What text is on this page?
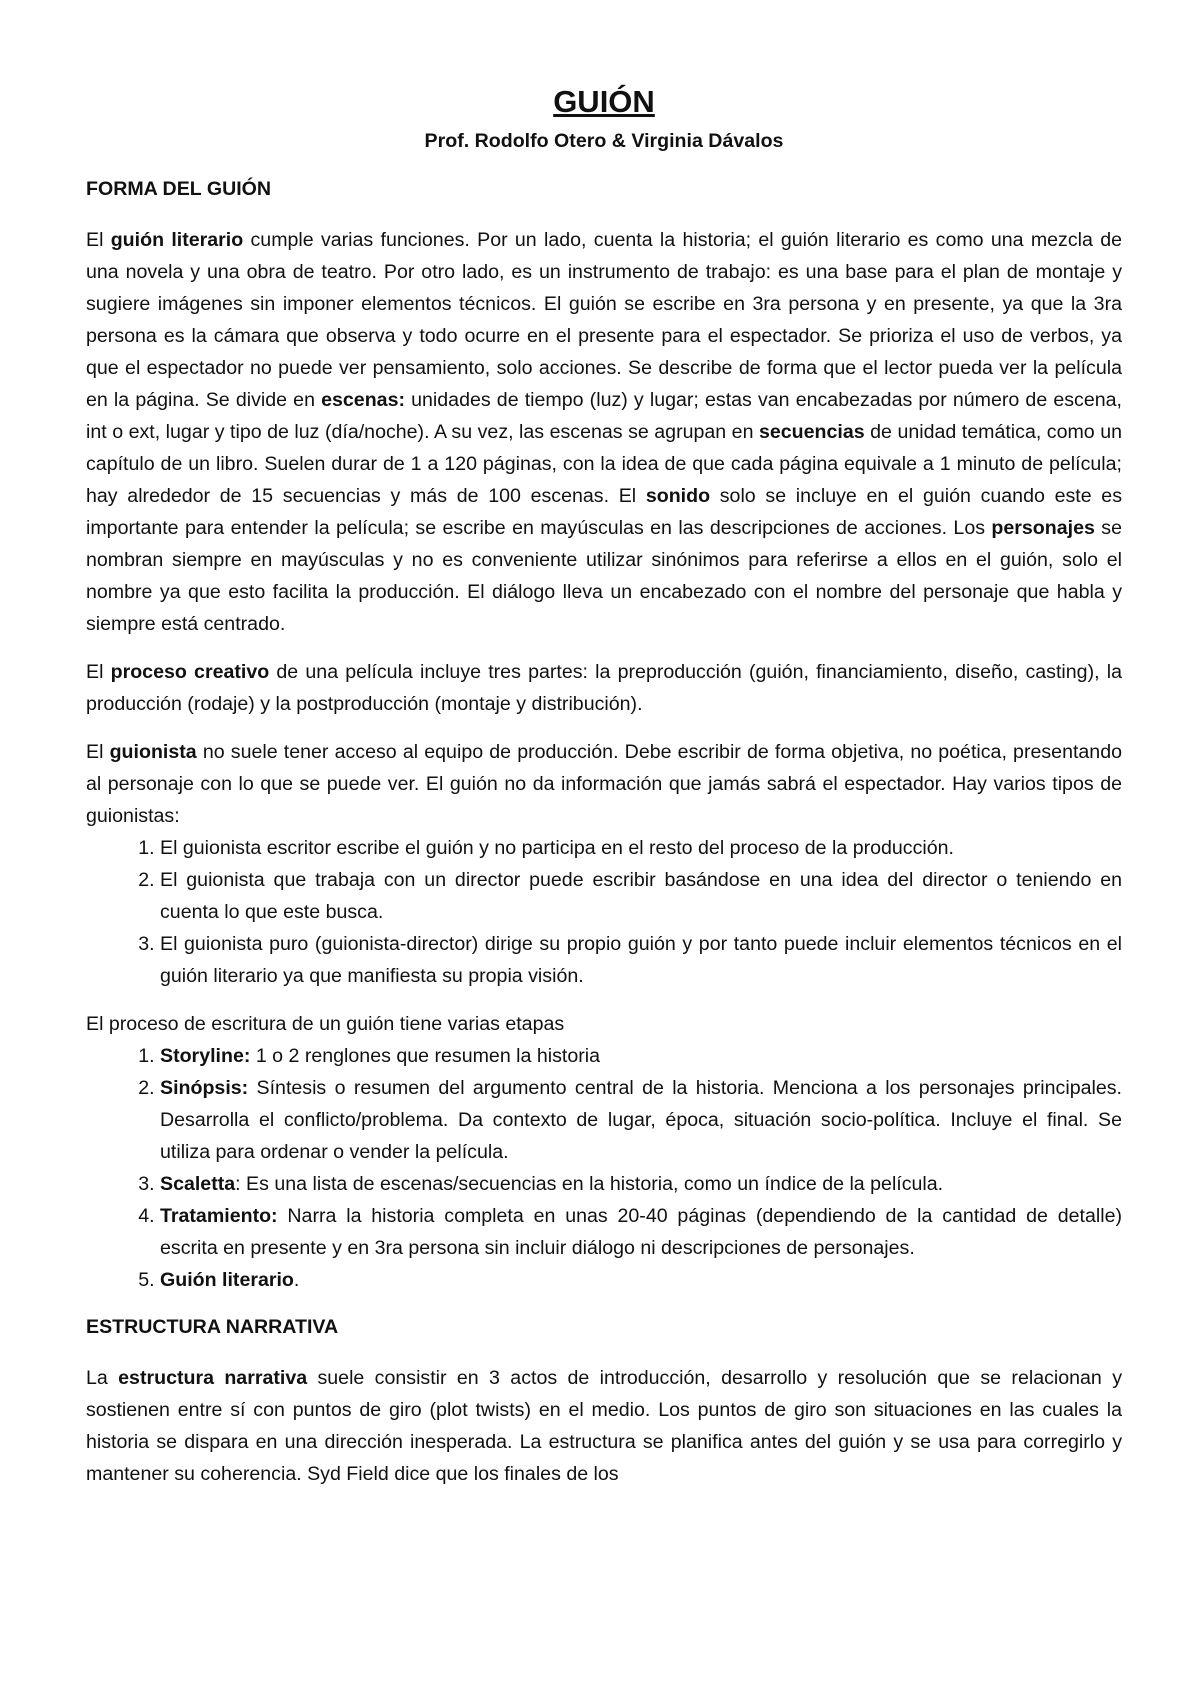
GUIÓN
Prof. Rodolfo Otero & Virginia Dávalos
FORMA DEL GUIÓN

El guión literario cumple varias funciones. Por un lado, cuenta la historia; el guión literario es como una mezcla de una novela y una obra de teatro. Por otro lado, es un instrumento de trabajo: es una base para el plan de montaje y sugiere imágenes sin imponer elementos técnicos. El guión se escribe en 3ra persona y en presente, ya que la 3ra persona es la cámara que observa y todo ocurre en el presente para el espectador. Se prioriza el uso de verbos, ya que el espectador no puede ver pensamiento, solo acciones. Se describe de forma que el lector pueda ver la película en la página. Se divide en escenas: unidades de tiempo (luz) y lugar; estas van encabezadas por número de escena, int o ext, lugar y tipo de luz (día/noche). A su vez, las escenas se agrupan en secuencias de unidad temática, como un capítulo de un libro. Suelen durar de 1 a 120 páginas, con la idea de que cada página equivale a 1 minuto de película; hay alrededor de 15 secuencias y más de 100 escenas. El sonido solo se incluye en el guión cuando este es importante para entender la película; se escribe en mayúsculas en las descripciones de acciones. Los personajes se nombran siempre en mayúsculas y no es conveniente utilizar sinónimos para referirse a ellos en el guión, solo el nombre ya que esto facilita la producción. El diálogo lleva un encabezado con el nombre del personaje que habla y siempre está centrado.

El proceso creativo de una película incluye tres partes: la preproducción (guión, financiamiento, diseño, casting), la producción (rodaje) y la postproducción (montaje y distribución).

El guionista no suele tener acceso al equipo de producción. Debe escribir de forma objetiva, no poética, presentando al personaje con lo que se puede ver. El guión no da información que jamás sabrá el espectador. Hay varios tipos de guionistas:

1. El guionista escritor escribe el guión y no participa en el resto del proceso de la producción.
2. El guionista que trabaja con un director puede escribir basándose en una idea del director o teniendo en cuenta lo que este busca.
3. El guionista puro (guionista-director) dirige su propio guión y por tanto puede incluir elementos técnicos en el guión literario ya que manifiesta su propia visión.

El proceso de escritura de un guión tiene varias etapas

1. Storyline: 1 o 2 renglones que resumen la historia
2. Sinópsis: Síntesis o resumen del argumento central de la historia. Menciona a los personajes principales. Desarrolla el conflicto/problema. Da contexto de lugar, época, situación socio-política. Incluye el final. Se utiliza para ordenar o vender la película.
3. Scaletta: Es una lista de escenas/secuencias en la historia, como un índice de la película.
4. Tratamiento: Narra la historia completa en unas 20-40 páginas (dependiendo de la cantidad de detalle) escrita en presente y en 3ra persona sin incluir diálogo ni descripciones de personajes.
5. Guión literario.
ESTRUCTURA NARRATIVA

La estructura narrativa suele consistir en 3 actos de introducción, desarrollo y resolución que se relacionan y sostienen entre sí con puntos de giro (plot twists) en el medio. Los puntos de giro son situaciones en las cuales la historia se dispara en una dirección inesperada. La estructura se planifica antes del guión y se usa para corregirlo y mantener su coherencia. Syd Field dice que los finales de los
